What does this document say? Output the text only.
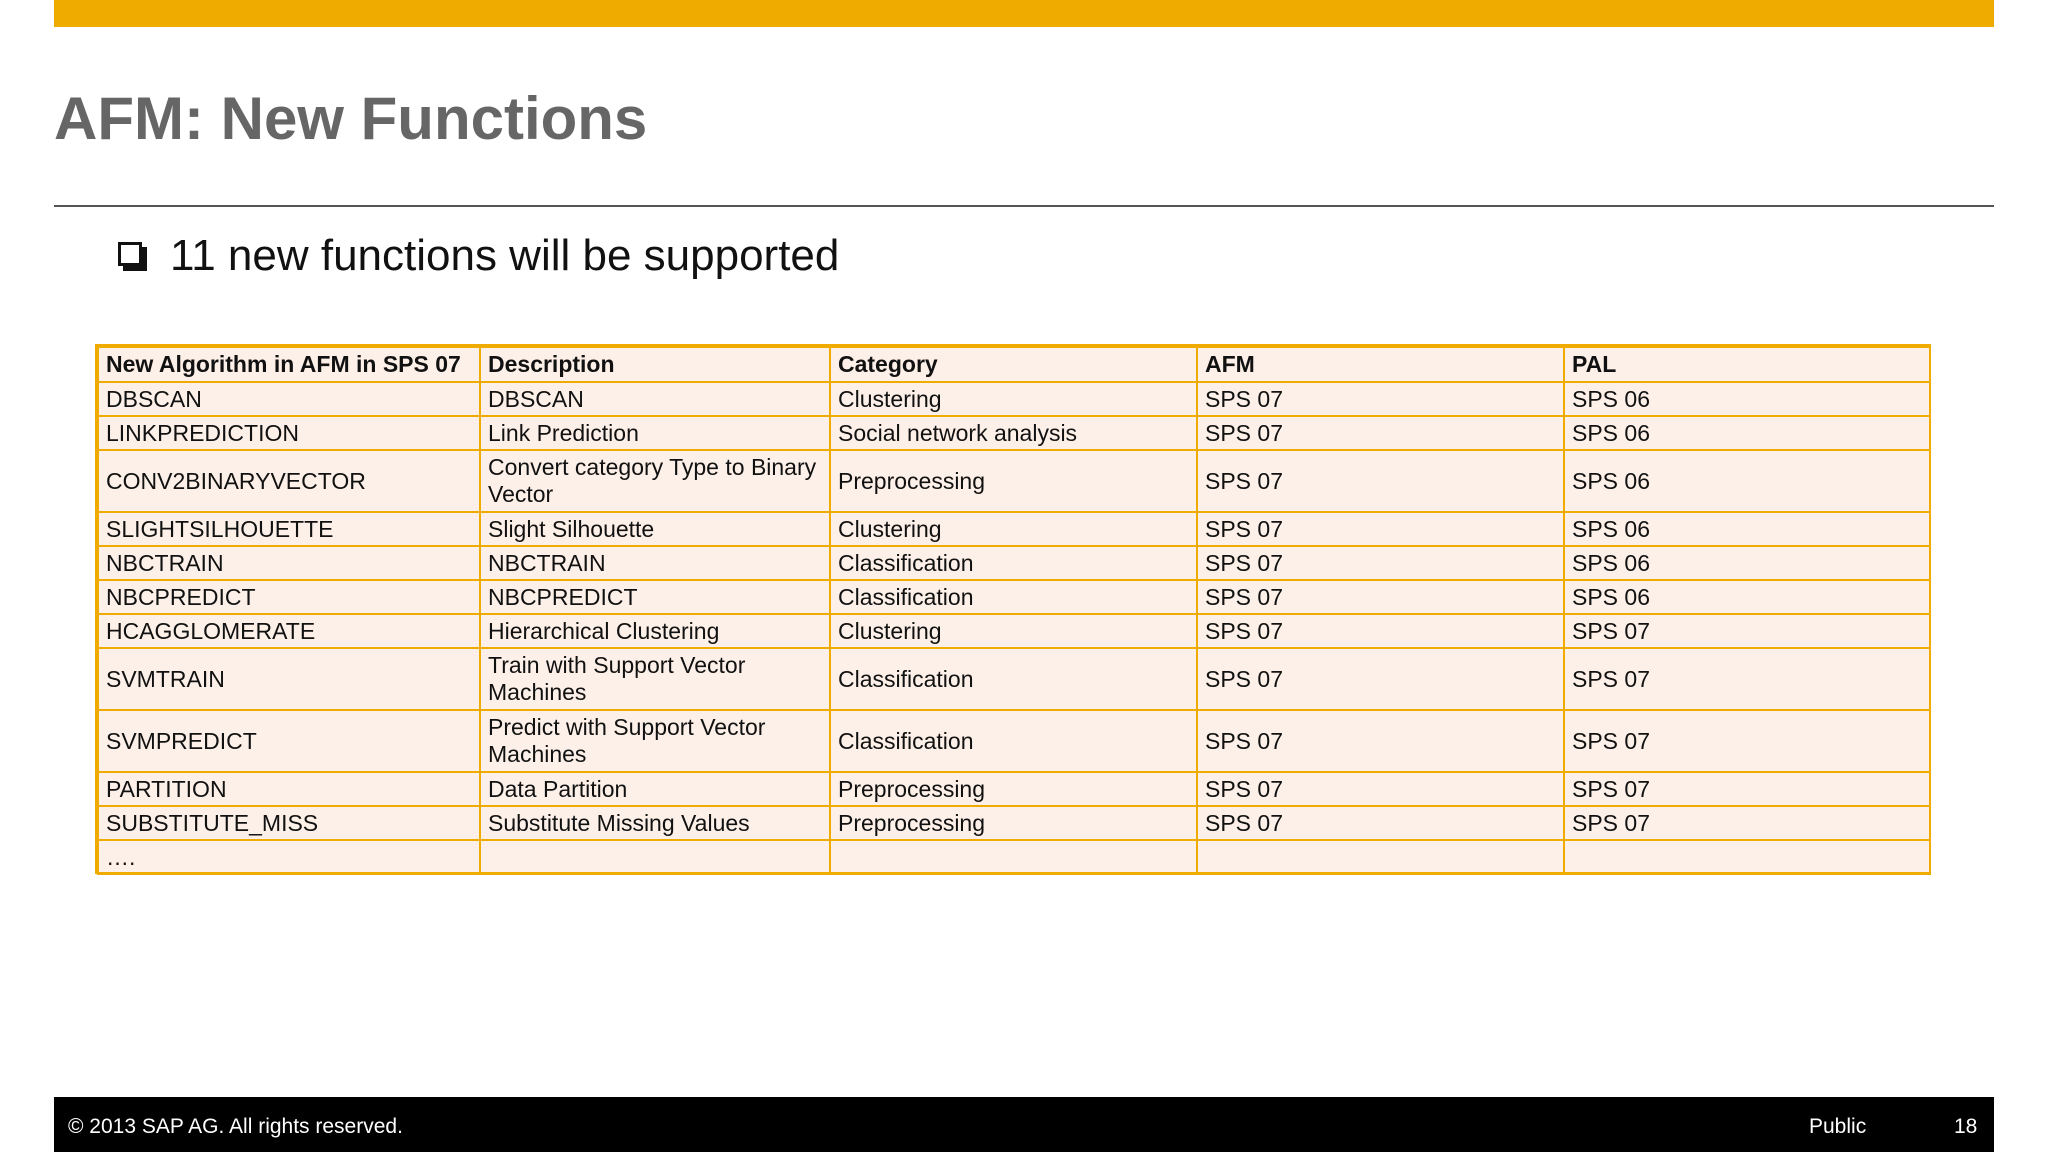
AFM: New Functions
11 new functions will be supported
New Algorithm in AFM in SPS 07	Description	Category	AFM	PAL
DBSCAN	DBSCAN	Clustering	SPS 07	SPS 06
LINKPREDICTION	Link Prediction	Social network analysis	SPS 07	SPS 06
CONV2BINARYVECTOR	Convert category Type to Binary Vector	Preprocessing	SPS 07	SPS 06
SLIGHTSILHOUETTE	Slight Silhouette	Clustering	SPS 07	SPS 06
NBCTRAIN	NBCTRAIN	Classification	SPS 07	SPS 06
NBCPREDICT	NBCPREDICT	Classification	SPS 07	SPS 06
HCAGGLOMERATE	Hierarchical Clustering	Clustering	SPS 07	SPS 07
SVMTRAIN	Train with Support Vector Machines	Classification	SPS 07	SPS 07
SVMPREDICT	Predict with Support Vector Machines	Classification	SPS 07	SPS 07
PARTITION	Data Partition	Preprocessing	SPS 07	SPS 07
SUBSTITUTE_MISS	Substitute Missing Values	Preprocessing	SPS 07	SPS 07
….				
© 2013 SAP AG. All rights reserved.	Public	18
